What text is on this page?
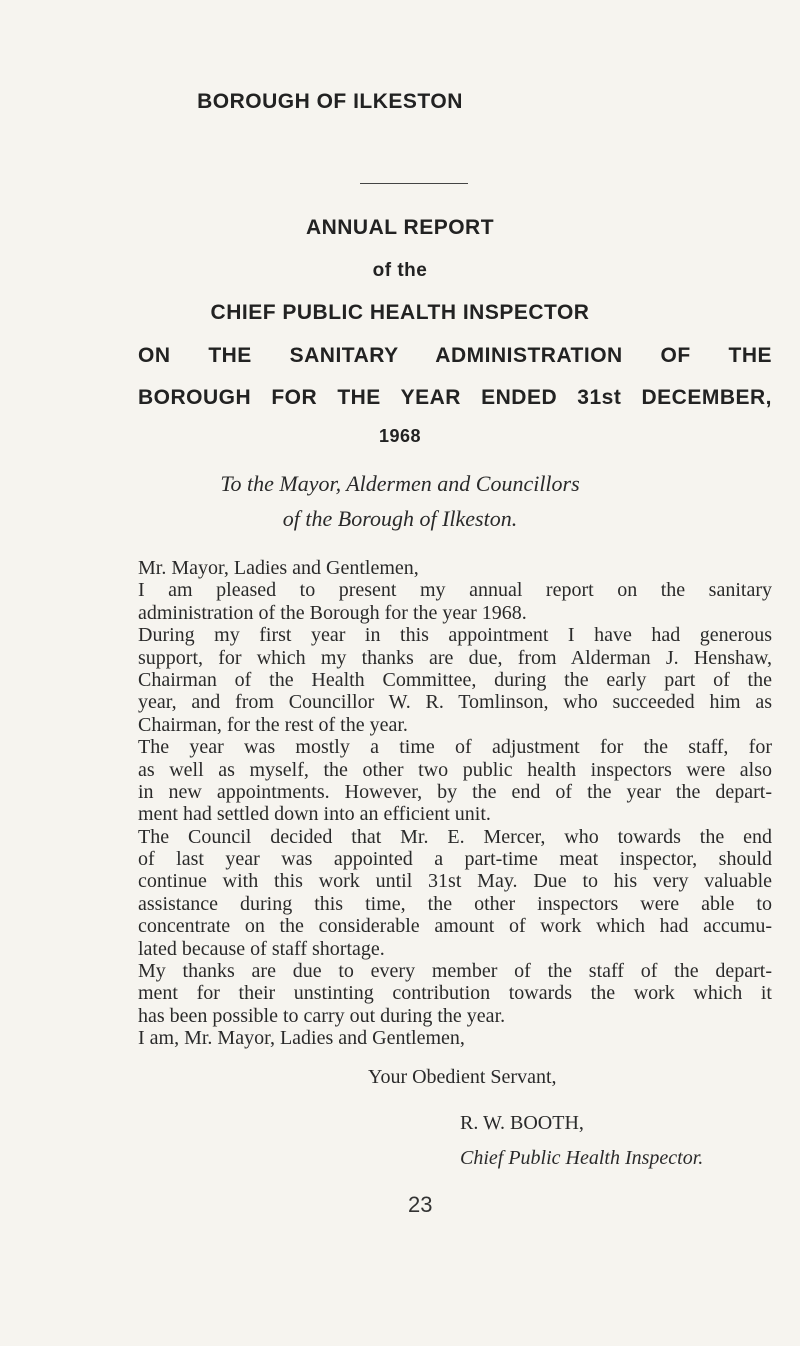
BOROUGH OF ILKESTON
ANNUAL REPORT
of the
CHIEF PUBLIC HEALTH INSPECTOR
ON THE SANITARY ADMINISTRATION OF THE
BOROUGH FOR THE YEAR ENDED 31st DECEMBER,
1968
To the Mayor, Aldermen and Councillors
of the Borough of Ilkeston.
Mr. Mayor, Ladies and Gentlemen,
I am pleased to present my annual report on the sanitary
administration of the Borough for the year 1968.
During my first year in this appointment I have had generous
support, for which my thanks are due, from Alderman J. Henshaw,
Chairman of the Health Committee, during the early part of the
year, and from Councillor W. R. Tomlinson, who succeeded him as
Chairman, for the rest of the year.
The year was mostly a time of adjustment for the staff, for
as well as myself, the other two public health inspectors were also
in new appointments. However, by the end of the year the depart-
ment had settled down into an efficient unit.
The Council decided that Mr. E. Mercer, who towards the end
of last year was appointed a part-time meat inspector, should
continue with this work until 31st May. Due to his very valuable
assistance during this time, the other inspectors were able to
concentrate on the considerable amount of work which had accumu-
lated because of staff shortage.
My thanks are due to every member of the staff of the depart-
ment for their unstinting contribution towards the work which it
has been possible to carry out during the year.
I am, Mr. Mayor, Ladies and Gentlemen,
Your Obedient Servant,
R. W. BOOTH,
Chief Public Health Inspector.
23
